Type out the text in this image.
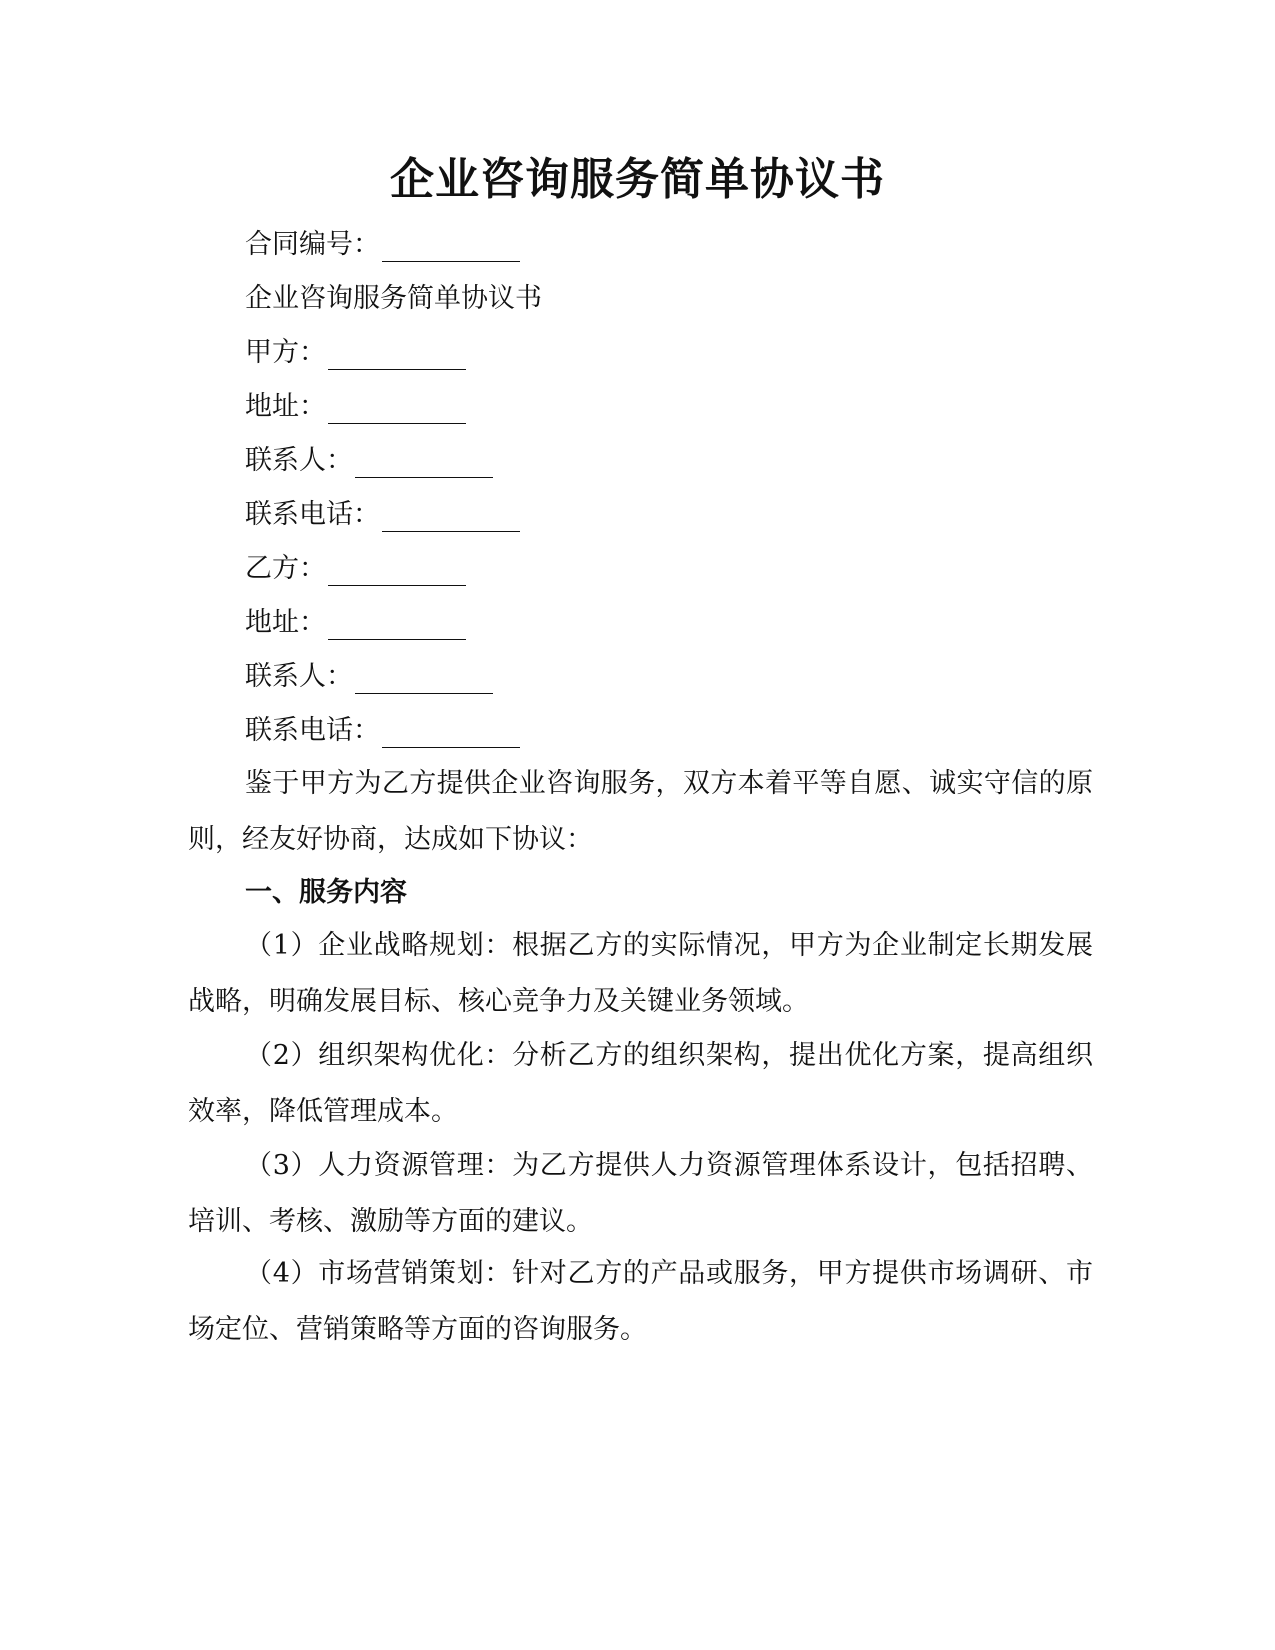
企业咨询服务简单协议书
合同编号：
企业咨询服务简单协议书
甲方：
地址：
联系人：
联系电话：
乙方：
地址：
联系人：
联系电话：

鉴于甲方为乙方提供企业咨询服务，双方本着平等自愿、诚实守信的原则，经友好协商，达成如下协议：

一、服务内容

（1）企业战略规划：根据乙方的实际情况，甲方为企业制定长期发展战略，明确发展目标、核心竞争力及关键业务领域。

（2）组织架构优化：分析乙方的组织架构，提出优化方案，提高组织效率，降低管理成本。

（3）人力资源管理：为乙方提供人力资源管理体系设计，包括招聘、培训、考核、激励等方面的建议。

（4）市场营销策划：针对乙方的产品或服务，甲方提供市场调研、市场定位、营销策略等方面的咨询服务。
